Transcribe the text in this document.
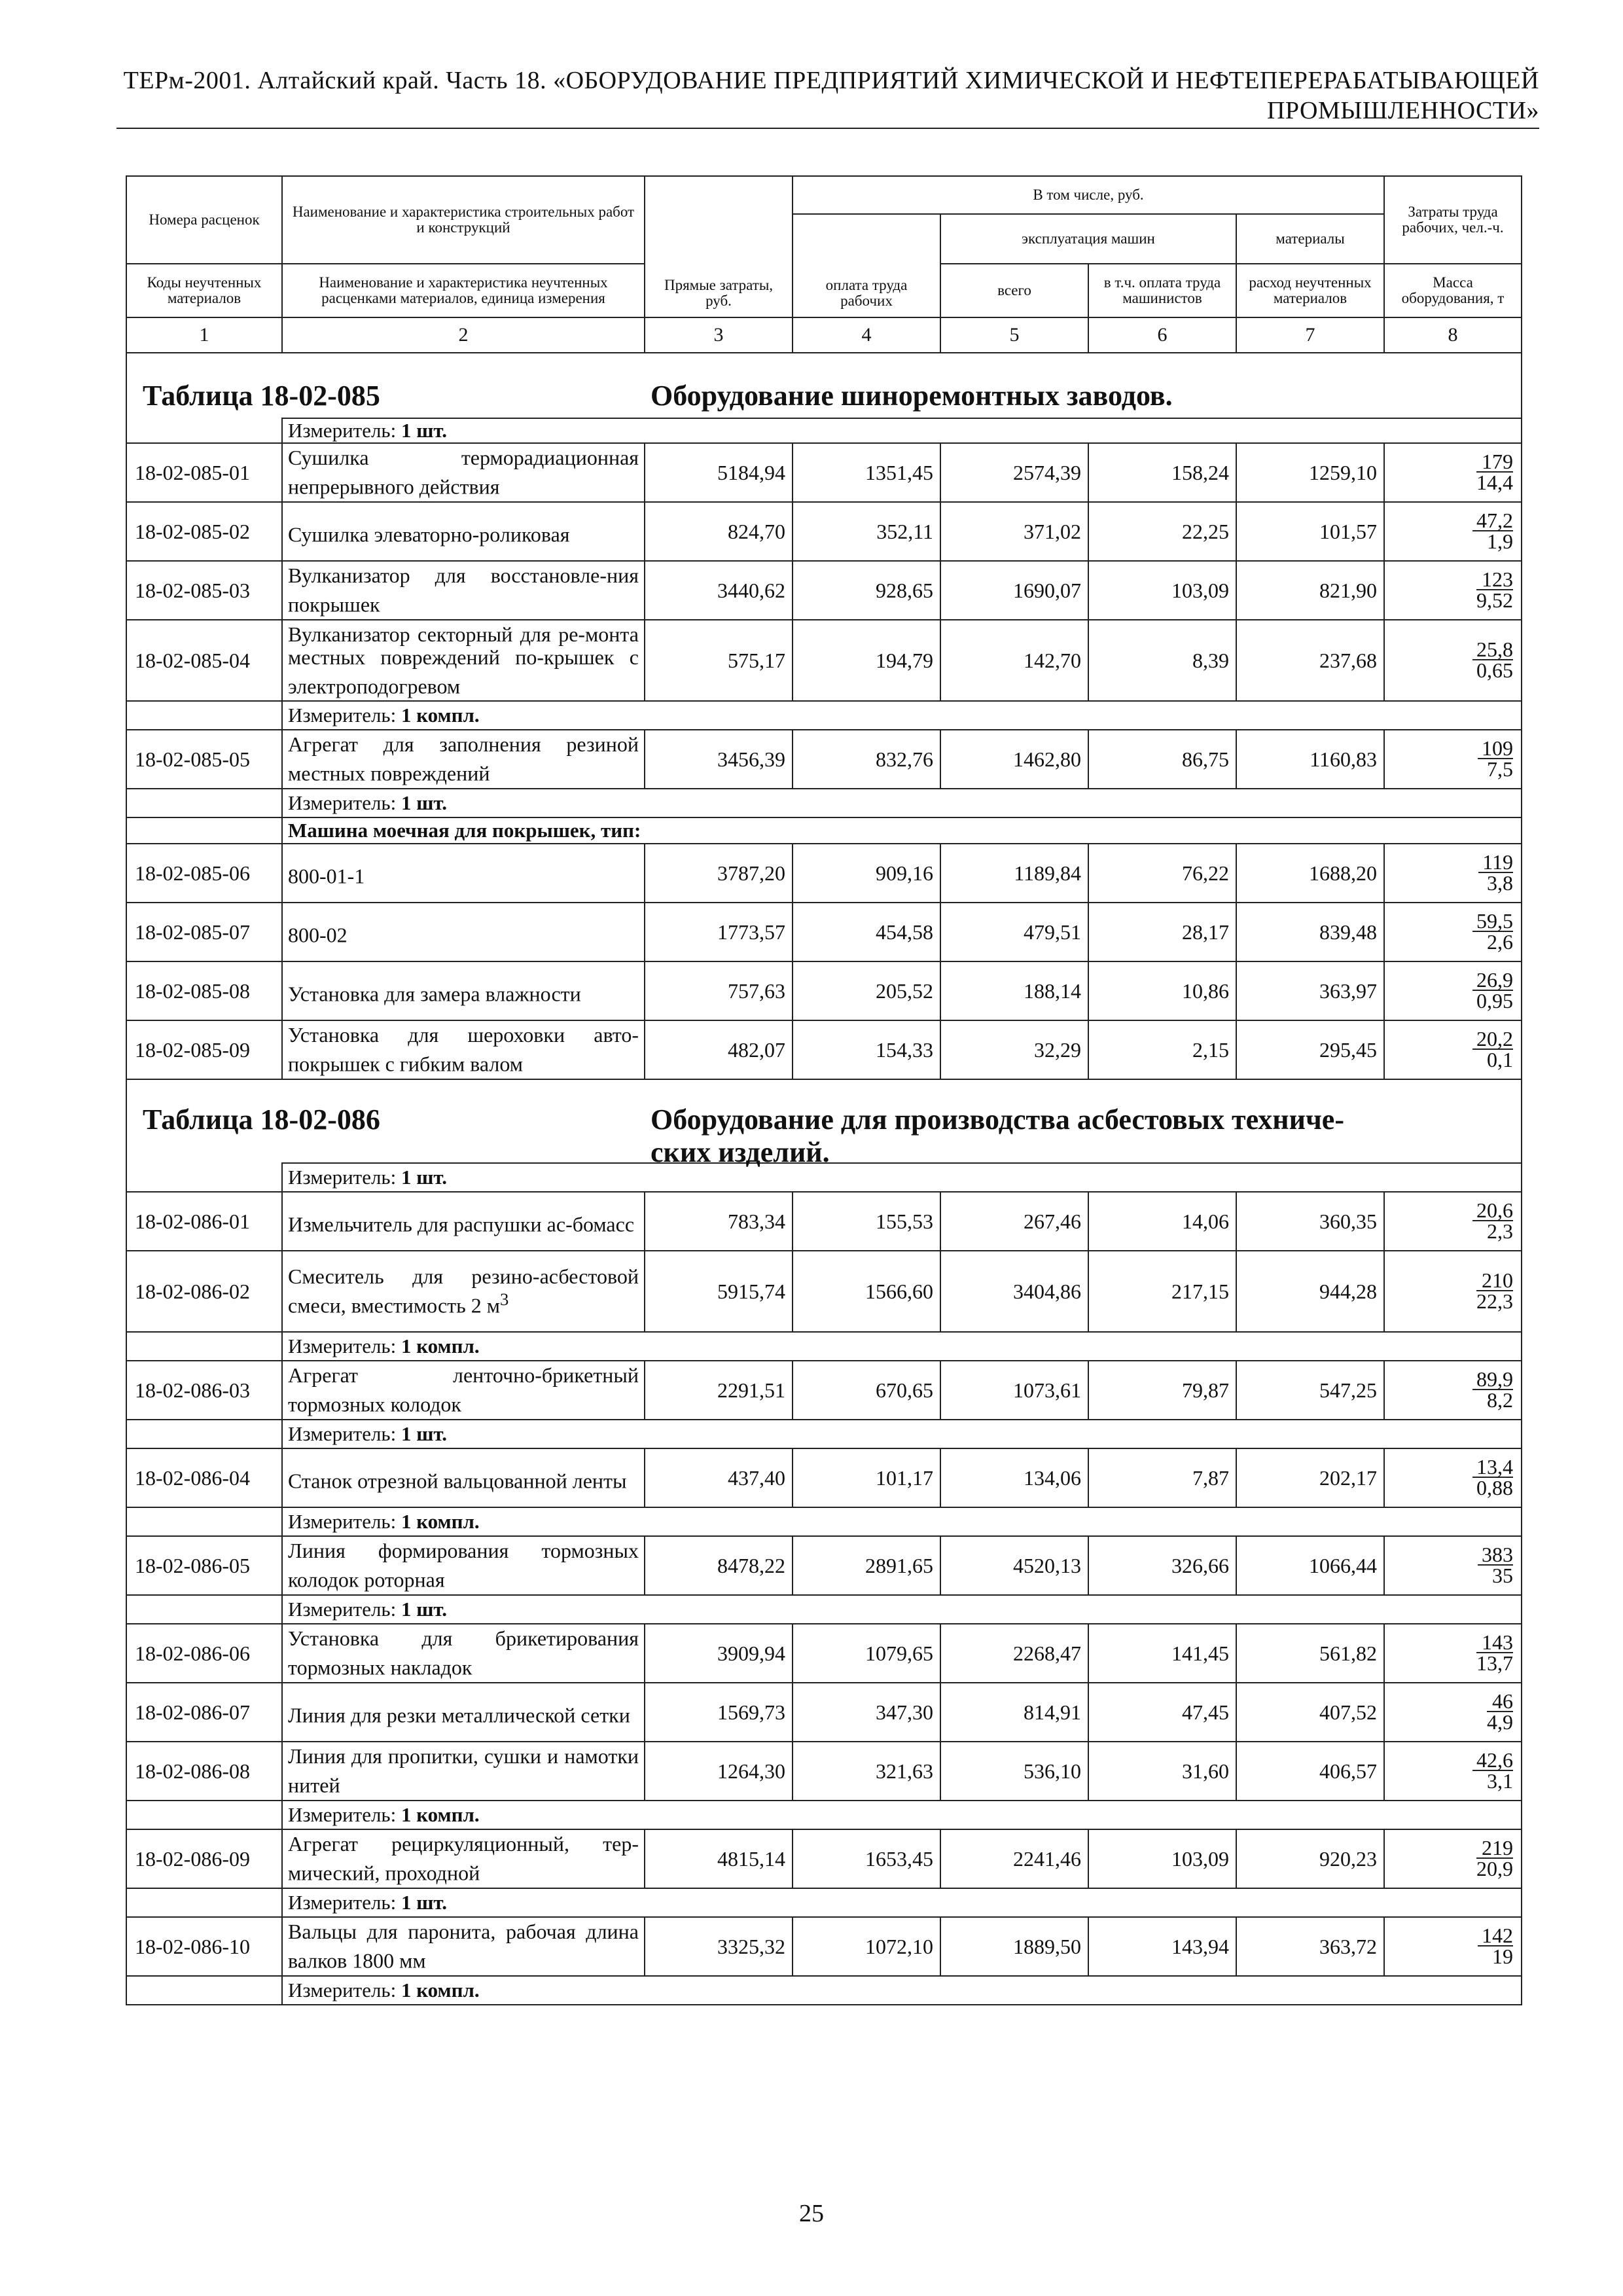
ТЕРм-2001. Алтайский край. Часть 18. «ОБОРУДОВАНИЕ ПРЕДПРИЯТИЙ ХИМИЧЕСКОЙ И НЕФТЕПЕРЕРАБАТЫВАЮЩЕЙ
ПРОМЫШЛЕННОСТИ»
Номера расценок	Наименование и характеристика строительных работ и конструкций	Прямые затраты, руб.	В том числе, руб.				Затраты труда рабочих, чел.-ч.
			оплата труда рабочих	эксплуатация машин		материалы	
Коды неучтенных материалов	Наименование и характеристика неучтенных расценками материалов, единица измерения			всего	в т.ч. оплата труда машинистов	расход неучтенных материалов	Масса оборудования, т
1	2	3	4	5	6	7	8

Таблица 18-02-085 Оборудование шиноремонтных заводов.							

	Измеритель: 1 шт.						
18-02-085-01	Сушилка терморадиационная непрерывного действия	5184,94	1351,45	2574,39	158,24	1259,10	$\frac{179}{14,4}$

18-02-085-02	Сушилка элеваторно-роликовая	824,70	352,11	371,02	22,25	101,57	$\frac{47,2}{1,9}$

18-02-085-03	Вулканизатор для восстановле-ния покрышек	3440,62	928,65	1690,07	103,09	821,90	$\frac{123}{9,52}$

18-02-085-04	Вулканизатор секторный для ре-монта местных повреждений по-крышек с электроподогревом	575,17	194,79	142,70	8,39	237,68	$\frac{25,8}{0,65}$

	Измеритель: 1 компл.						
18-02-085-05	Агрегат для заполнения резиной местных повреждений	3456,39	832,76	1462,80	86,75	1160,83	$\frac{109}{7,5}$

	Измеритель: 1 шт.						
	Машина моечная для покрышек, тип:						
18-02-085-06	800-01-1	3787,20	909,16	1189,84	76,22	1688,20	$\frac{119}{3,8}$

18-02-085-07	800-02	1773,57	454,58	479,51	28,17	839,48	$\frac{59,5}{2,6}$

18-02-085-08	Установка для замера влажности	757,63	205,52	188,14	10,86	363,97	$\frac{26,9}{0,95}$

18-02-085-09	Установка для шероховки авто-покрышек с гибким валом	482,07	154,33	32,29	2,15	295,45	$\frac{20,2}{0,1}$

Таблица 18-02-086 Оборудование для производства асбестовых техниче-
ских изделий.							

	Измеритель: 1 шт.						
18-02-086-01	Измельчитель для распушки ас-бомасс	783,34	155,53	267,46	14,06	360,35	$\frac{20,6}{2,3}$

18-02-086-02	Смеситель для резино-асбестовой смеси, вместимость 2 $м^3$	5915,74	1566,60	3404,86	217,15	944,28	$\frac{210}{22,3}$

	Измеритель: 1 компл.						
18-02-086-03	Агрегат ленточно-брикетный тормозных колодок	2291,51	670,65	1073,61	79,87	547,25	$\frac{89,9}{8,2}$

	Измеритель: 1 шт.						
18-02-086-04	Станок отрезной вальцованной ленты	437,40	101,17	134,06	7,87	202,17	$\frac{13,4}{0,88}$

	Измеритель: 1 компл.						
18-02-086-05	Линия формирования тормозных колодок роторная	8478,22	2891,65	4520,13	326,66	1066,44	$\frac{383}{35}$

	Измеритель: 1 шт.						
18-02-086-06	Установка для брикетирования тормозных накладок	3909,94	1079,65	2268,47	141,45	561,82	$\frac{143}{13,7}$

18-02-086-07	Линия для резки металлической сетки	1569,73	347,30	814,91	47,45	407,52	$\frac{46}{4,9}$

18-02-086-08	Линия для пропитки, сушки и намотки нитей	1264,30	321,63	536,10	31,60	406,57	$\frac{42,6}{3,1}$

	Измеритель: 1 компл.						
18-02-086-09	Агрегат рециркуляционный, тер-мический, проходной	4815,14	1653,45	2241,46	103,09	920,23	$\frac{219}{20,9}$

	Измеритель: 1 шт.						
18-02-086-10	Вальцы для паронита, рабочая длина валков 1800 мм	3325,32	1072,10	1889,50	143,94	363,72	$\frac{142}{19}$

	Измеритель: 1 компл.						
25
